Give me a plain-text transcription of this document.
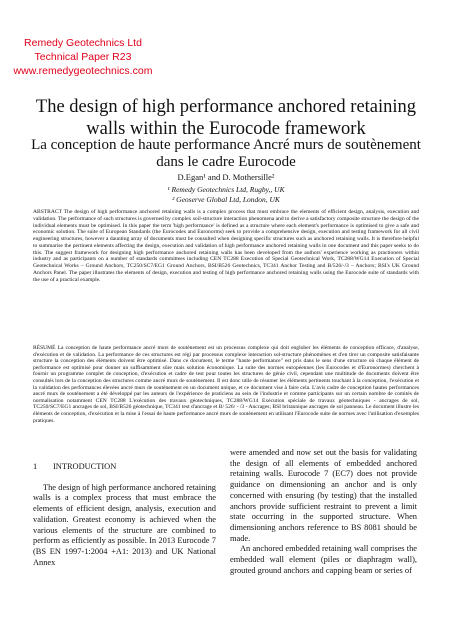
Remedy Geotechnics Ltd
Technical Paper R23
www.remedygeotechnics.com
The design of high performance anchored retaining walls within the Eurocode framework
La conception de haute performance Ancré murs de soutènement dans le cadre Eurocode
D.Egan¹ and D. Mothersille²
¹ Remedy Geotechnics Ltd, Rugby,, UK
² Geoserve Global Ltd, London, UK
ABSTRACT The design of high performance anchored retaining walls is a complex process that must embrace the elements of efficient design, analysis, execution and validation. The performance of such structures is governed by complex soil-structure interaction phenomena and to derive a satisfactory composite structure the design of the individual elements must be optimised. In this paper the term 'high performance' is defined as a structure where each element's performance is optimised to give a safe and economic solution. The suite of European Standards (the Eurocodes and Euronorms) seek to provide a comprehensive design, execution and testing framework for all civil engineering structures, however a daunting array of documents must be consulted when designing specific structures such as anchored retaining walls. It is therefore helpful to summarise the pertinent elements affecting the design, execution and validation of high performance anchored retaining walls in one document and this paper seeks to do this. The suggest framework for designing high performance anchored retaining walls has been developed from the authors' experience working as practioners within industry and as participants on a number of standards committees including CEN TC288 Execution of Special Geotechnical Work, TC288/WG14 Execution of Special Geotechnical Works – Ground Anchors, TC250/SC7/EG1 Ground Anchors, BSI/B526 Geotechnics, TC341 Anchor Testing and B/526/-/3 – Anchors; BSI's UK Ground Anchors Panel. The paper illustrates the elements of design, execution and testing of high performance anchored retaining walls using the Eurocode suite of standards with the use of a practical example.
RÉSUMÉ La conception de haute performance ancré murs de soutènement est un processus complexe qui doit englober les éléments de conception efficace, d'analyse, d'exécution et de validation. La performance de ces structures est régi par processus complexe interaction sol-structure phénomènes et d'en tirer un composite satisfaisante structure la conception des éléments doivent être optimisé. Dans ce document, le terme "haute performance" est pris dans le sens d'une structure où chaque élément de performance est optimisé pour donner un suffisamment sûre mais solution économique. La suite des normes européennes (les Eurocodes et d'Euronormes) cherchent à fournir un programme complet de conception, d'exécution et cadre de test pour toutes les structures de génie civil, cependant une multitude de documents doivent être consultés lors de la conception des structures comme ancré murs de soutènement. Il est donc utile de résumer les éléments pertinents touchant à la conception, l'exécution et la validation des performances élevées ancré murs de soutènement en un document unique, et ce document vise à faire cela. L'avis cadre de conception hautes performances ancré murs de soutènement a été développé par les auteurs de l'expérience de praticiens au sein de l'industrie et comme participants sur un certain nombre de comités de normalisation notamment CEN TC288 L'exécution des travaux géotechniques, TC288/WG14 Exécution spéciale de travaux géotechniques - ancrages de sol, TC250/SC7/EG1 ancrages de sol, BSI/B526 géotechnique, TC341 test d'ancrage et B/ 526/ - /3 - Ancrages; BSI britannique ancrages de sol panneau. Le document illustre les éléments de conception, d'exécution et la mise à l'essai de haute performance ancré murs de soutènement en utilisant l'Eurocode suite de normes avec l'utilisation d'exemples pratiques.
1 INTRODUCTION

The design of high performance anchored retaining walls is a complex process that must embrace the elements of efficient design, analysis, execution and validation. Greatest economy is achieved when the various elements of the structure are combined to perform as efficiently as possible. In 2013 Eurocode 7 (BS EN 1997-1:2004 +A1: 2013) and UK National Annex

were amended and now set out the basis for validating the design of all elements of embedded anchored retaining walls. Eurocode 7 (EC7) does not provide guidance on dimensioning an anchor and is only concerned with ensuring (by testing) that the installed anchors provide sufficient restraint to prevent a limit state occurring in the supported structure. When dimensioning anchors reference to BS 8081 should be made.

An anchored embedded retaining wall comprises the embedded wall element (piles or diaphragm wall), grouted ground anchors and capping beam or series of
